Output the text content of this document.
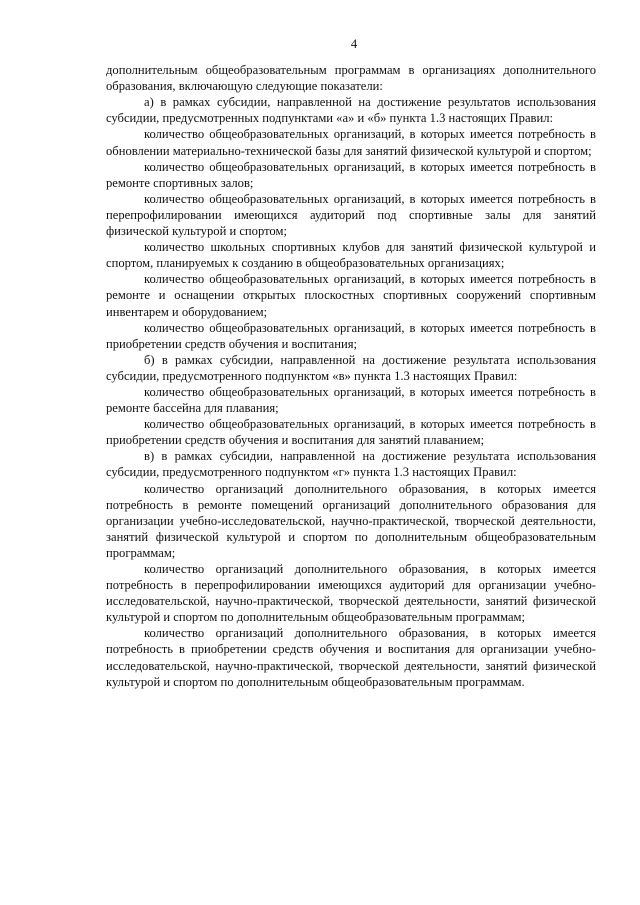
4

дополнительным общеобразовательным программам в организациях дополнительного образования, включающую следующие показатели:

а) в рамках субсидии, направленной на достижение результатов использования субсидии, предусмотренных подпунктами «а» и «б» пункта 1.3 настоящих Правил:

количество общеобразовательных организаций, в которых имеется потребность в обновлении материально-технической базы для занятий физической культурой и спортом;

количество общеобразовательных организаций, в которых имеется потребность в ремонте спортивных залов;

количество общеобразовательных организаций, в которых имеется потребность в перепрофилировании имеющихся аудиторий под спортивные залы для занятий физической культурой и спортом;

количество школьных спортивных клубов для занятий физической культурой и спортом, планируемых к созданию в общеобразовательных организациях;

количество общеобразовательных организаций, в которых имеется потребность в ремонте и оснащении открытых плоскостных спортивных сооружений спортивным инвентарем и оборудованием;

количество общеобразовательных организаций, в которых имеется потребность в приобретении средств обучения и воспитания;

б) в рамках субсидии, направленной на достижение результата использования субсидии, предусмотренного подпунктом «в» пункта 1.3 настоящих Правил:

количество общеобразовательных организаций, в которых имеется потребность в ремонте бассейна для плавания;

количество общеобразовательных организаций, в которых имеется потребность в приобретении средств обучения и воспитания для занятий плаванием;

в) в рамках субсидии, направленной на достижение результата использования субсидии, предусмотренного подпунктом «г» пункта 1.3 настоящих Правил:

количество организаций дополнительного образования, в которых имеется потребность в ремонте помещений организаций дополнительного образования для организации учебно-исследовательской, научно-практической, творческой деятельности, занятий физической культурой и спортом по дополнительным общеобразовательным программам;

количество организаций дополнительного образования, в которых имеется потребность в перепрофилировании имеющихся аудиторий для организации учебно-исследовательской, научно-практической, творческой деятельности, занятий физической культурой и спортом по дополнительным общеобразовательным программам;

количество организаций дополнительного образования, в которых имеется потребность в приобретении средств обучения и воспитания для организации учебно-исследовательской, научно-практической, творческой деятельности, занятий физической культурой и спортом по дополнительным общеобразовательным программам.
